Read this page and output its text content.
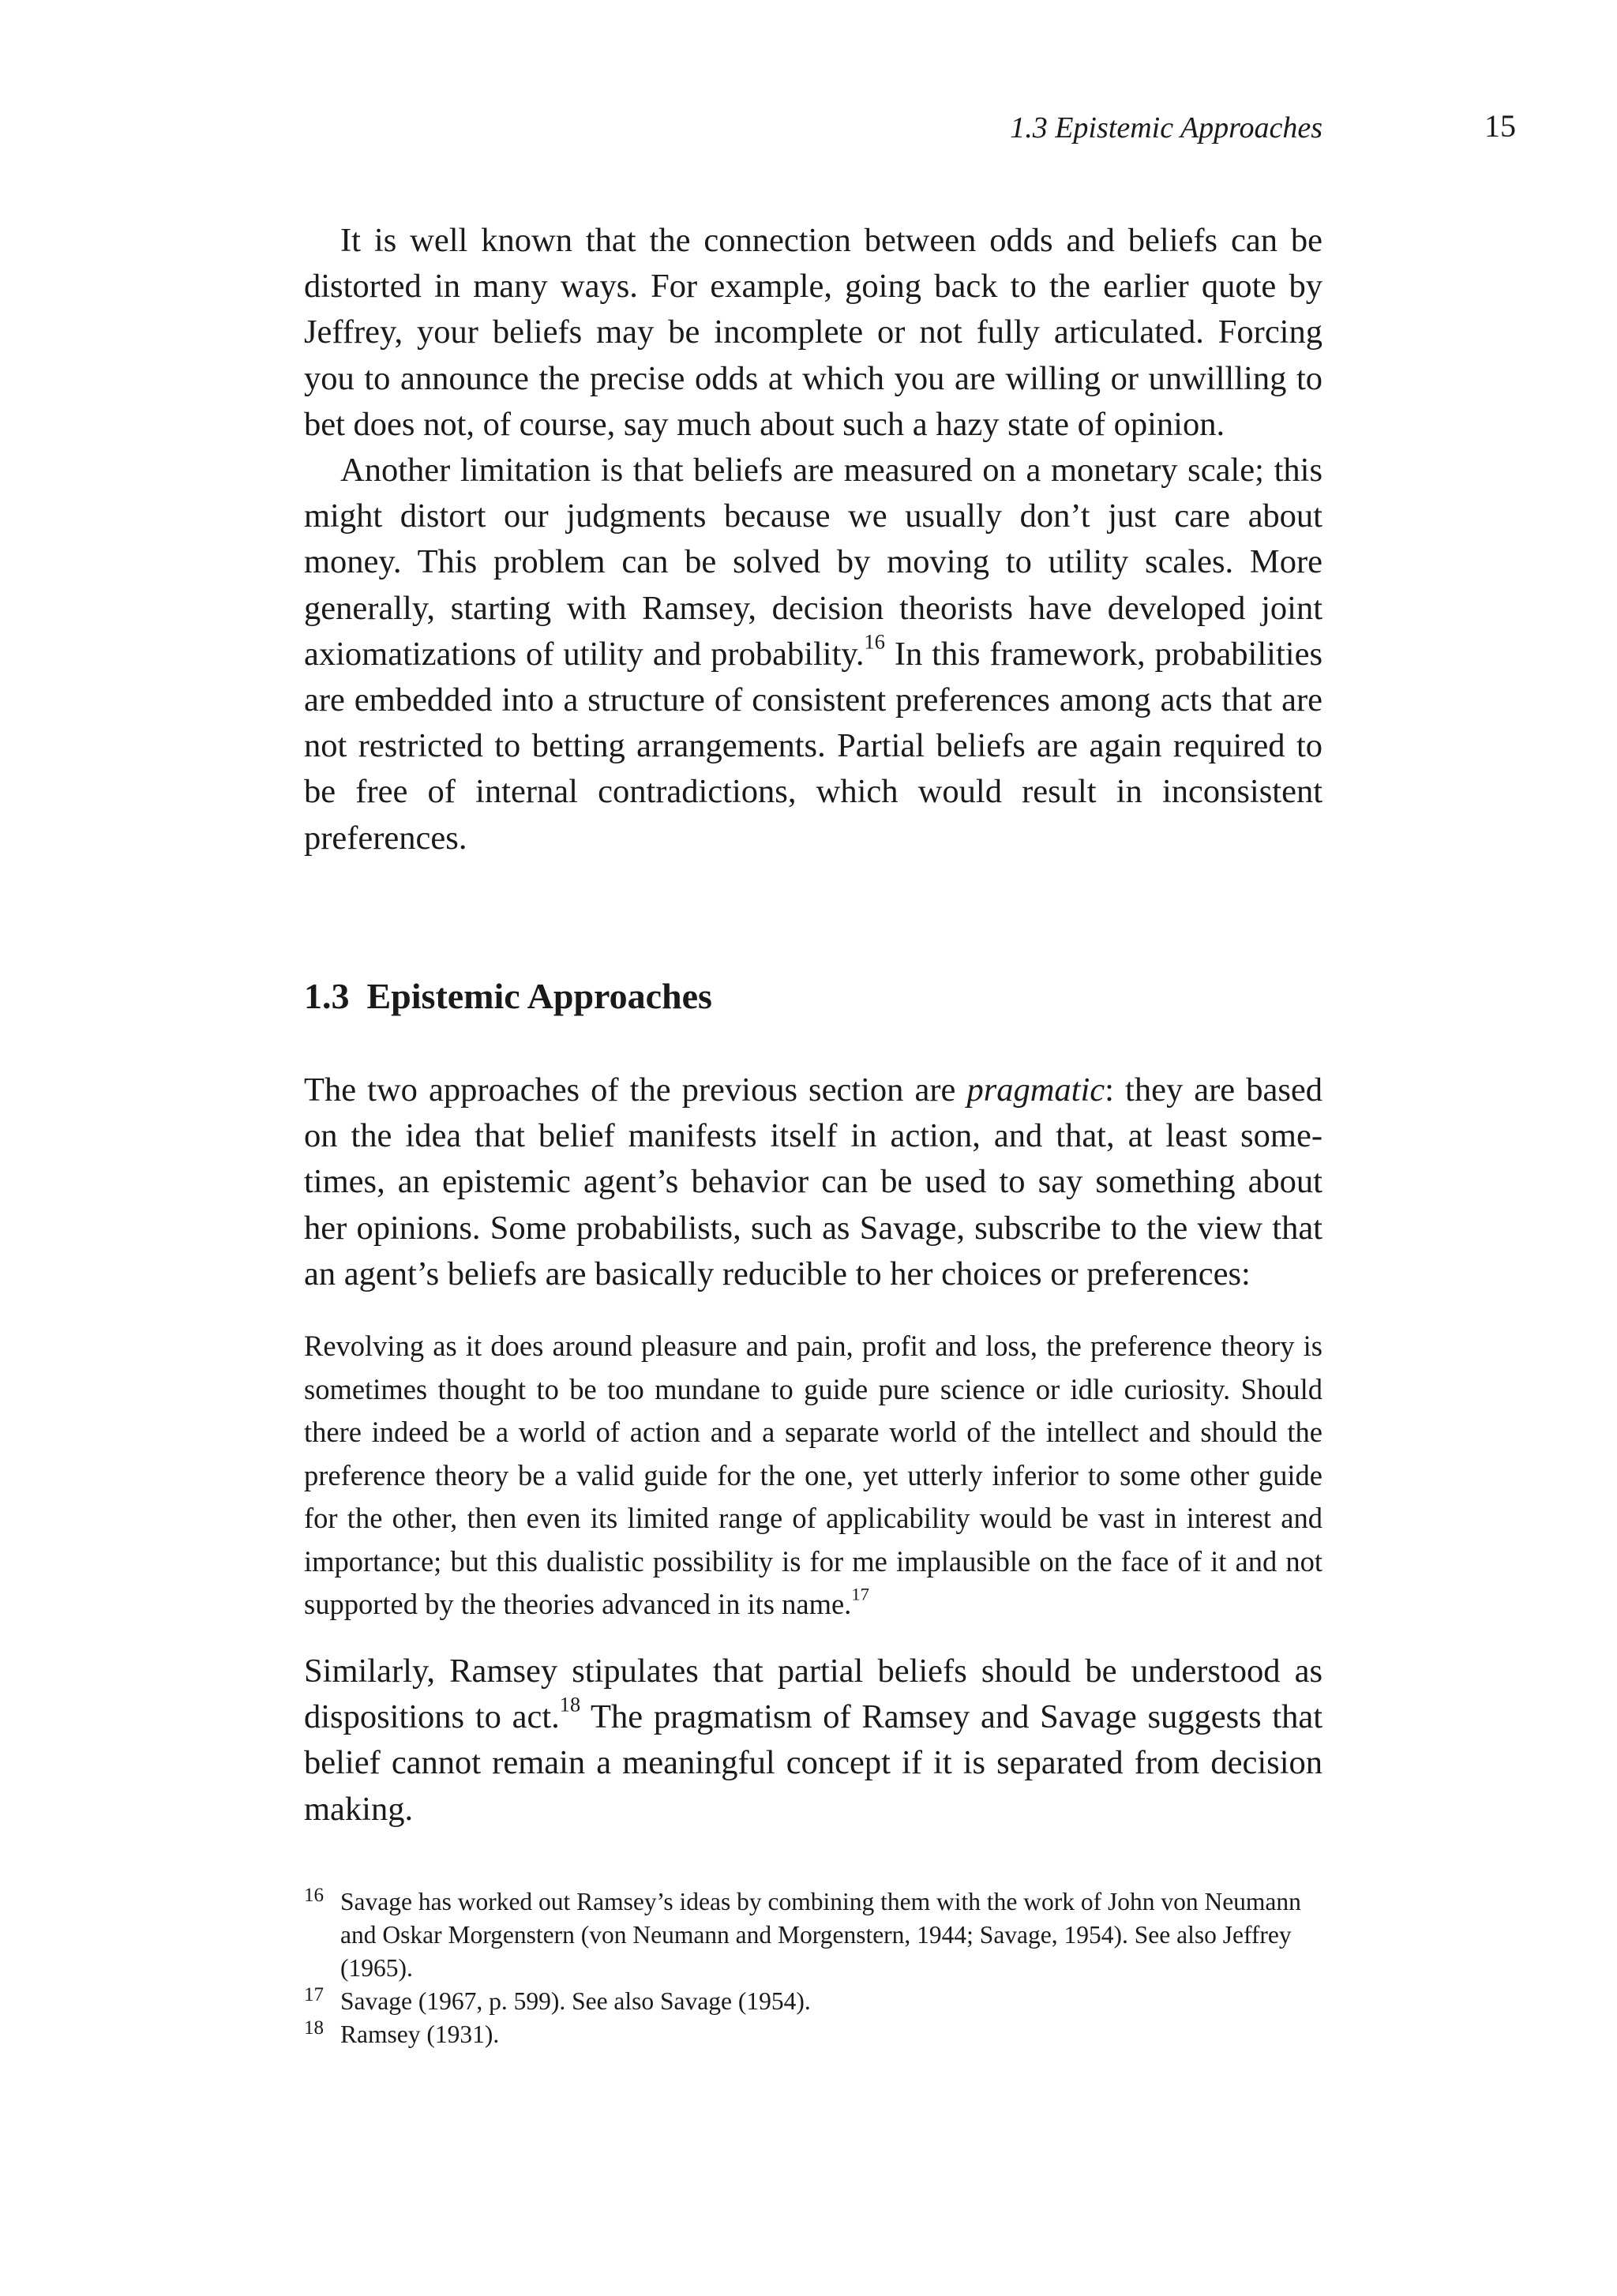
1.3 Epistemic Approaches	15

It is well known that the connection between odds and beliefs can be distorted in many ways. For example, going back to the earlier quote by Jeffrey, your beliefs may be incomplete or not fully articulated. Forcing you to announce the precise odds at which you are willing or unwillling to bet does not, of course, say much about such a hazy state of opinion.

Another limitation is that beliefs are measured on a monetary scale; this might distort our judgments because we usually don’t just care about money. This problem can be solved by moving to utility scales. More generally, starting with Ramsey, decision theorists have developed joint axiomatizations of utility and probability.$^{16}$ In this framework, probabilities are embedded into a structure of consistent preferences among acts that are not restricted to betting arrangements. Partial beliefs are again required to be free of internal contradictions, which would result in inconsistent preferences.

1.3 Epistemic Approaches

The two approaches of the previous section are pragmatic: they are based on the idea that belief manifests itself in action, and that, at least sometimes, an epistemic agent’s behavior can be used to say something about her opinions. Some probabilists, such as Savage, subscribe to the view that an agent’s beliefs are basically reducible to her choices or preferences:

Revolving as it does around pleasure and pain, profit and loss, the preference theory is sometimes thought to be too mundane to guide pure science or idle curiosity. Should there indeed be a world of action and a separate world of the intellect and should the preference theory be a valid guide for the one, yet utterly inferior to some other guide for the other, then even its limited range of applicability would be vast in interest and importance; but this dualistic possibility is for me implausible on the face of it and not supported by the theories advanced in its name.$^{17}$

Similarly, Ramsey stipulates that partial beliefs should be understood as dispositions to act.$^{18}$ The pragmatism of Ramsey and Savage suggests that belief cannot remain a meaningful concept if it is separated from decision making.

16 Savage has worked out Ramsey’s ideas by combining them with the work of John von Neumann and Oskar Morgenstern (von Neumann and Morgenstern, 1944; Savage, 1954). See also Jeffrey (1965).

17 Savage (1967, p. 599). See also Savage (1954).

18 Ramsey (1931).
